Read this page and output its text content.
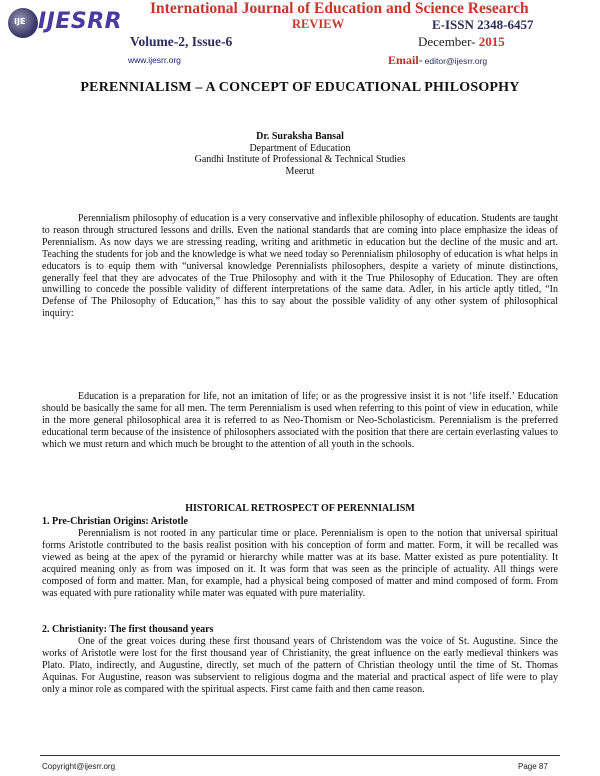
IJE IJESRR
International Journal of Education and Science Research
REVIEW	E-ISSN 2348-6457
Volume-2, Issue-6	December- 2015
www.ijesrr.org	Email- editor@ijesrr.org
PERENNIALISM – A CONCEPT OF EDUCATIONAL PHILOSOPHY
Dr. Suraksha Bansal
Department of Education
Gandhi Institute of Professional & Technical Studies
Meerut

Perennialism philosophy of education is a very conservative and inflexible philosophy of education. Students are taught to reason through structured lessons and drills. Even the national standards that are coming into place emphasize the ideas of Perennialism. As now days we are stressing reading, writing and arithmetic in education but the decline of the music and art. Teaching the students for job and the knowledge is what we need today so Perennialism philosophy of education is what helps in educators is to equip them with “universal knowledge Perennialists philosophers, despite a variety of minute distinctions, generally feel that they are advocates of the True Philosophy and with it the True Philosophy of Education. They are often unwilling to concede the possible validity of different interpretations of the same data. Adler, in his article aptly titled, “In Defense of The Philosophy of Education,” has this to say about the possible validity of any other system of philosophical inquiry:

Education is a preparation for life, not an imitation of life; or as the progressive insist it is not ‘life itself.’ Education should be basically the same for all men. The term Perennialism is used when referring to this point of view in education, while in the more general philosophical area it is referred to as Neo-Thomism or Neo-Scholasticism. Perennialism is the preferred educational term because of the insistence of philosophers associated with the position that there are certain everlasting values to which we must return and which much be brought to the attention of all youth in the schools.

HISTORICAL RETROSPECT OF PERENNIALISM
1. Pre-Christian Origins: Aristotle

Perennialism is not rooted in any particular time or place. Perennialism is open to the notion that universal spiritual forms Aristotle contributed to the basis realist position with his conception of form and matter. Form, it will be recalled was viewed as being at the apex of the pyramid or hierarchy while matter was at its base. Matter existed as pure potentiality. It acquired meaning only as from was imposed on it. It was form that was seen as the principle of actuality. All things were composed of form and matter. Man, for example, had a physical being composed of matter and mind composed of form. From was equated with pure rationality while mater was equated with pure materiality.

2. Christianity: The first thousand years

One of the great voices during these first thousand years of Christendom was the voice of St. Augustine. Since the works of Aristotle were lost for the first thousand year of Christianity, the great influence on the early medieval thinkers was Plato. Plato, indirectly, and Augustine, directly, set much of the pattern of Christian theology until the time of St. Thomas Aquinas. For Augustine, reason was subservient to religious dogma and the material and practical aspect of life were to play only a minor role as compared with the spiritual aspects. First came faith and then came reason.

Copyright@ijesrr.org	Page 87
